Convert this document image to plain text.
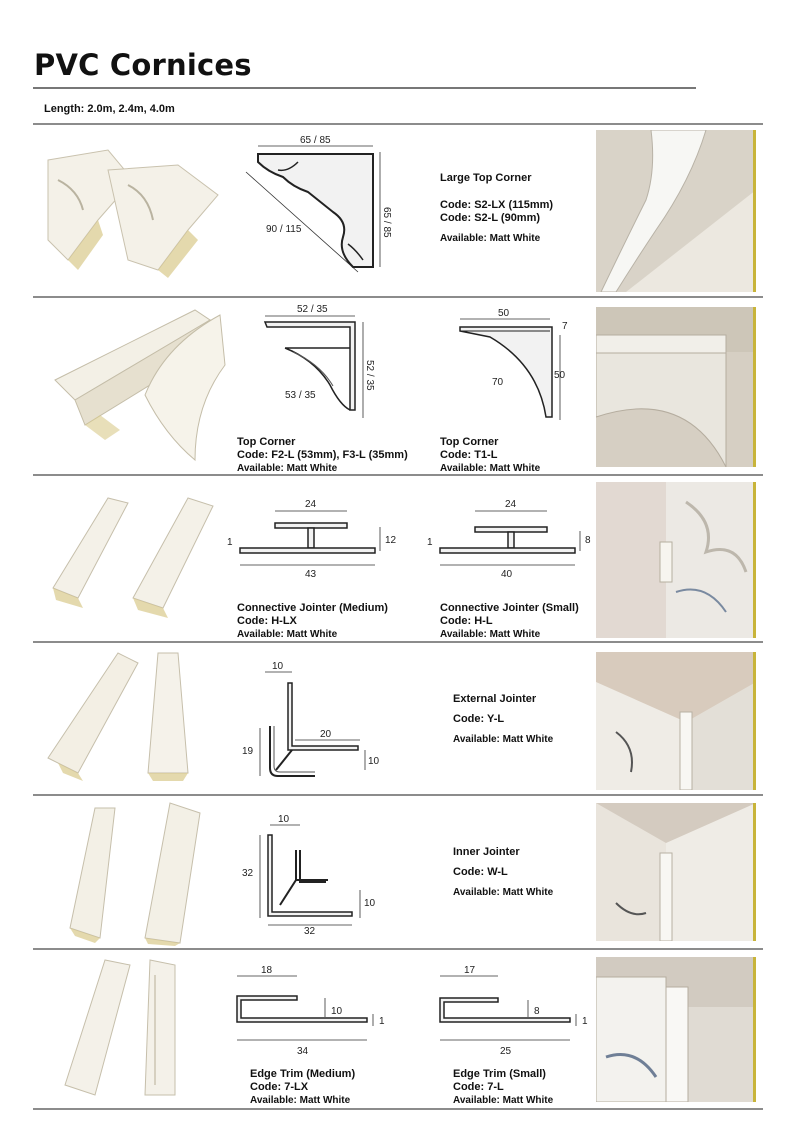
PVC Cornices
Length: 2.0m, 2.4m, 4.0m
65 / 85
65 / 85
90 / 115
Large Top Corner
Code: S2-LX (115mm)
Code: S2-L (90mm)
Available: Matt White
52 / 35
52 / 35
53 / 35
50
7
50
70
Top Corner
Code: F2-L (53mm), F3-L (35mm)
Available: Matt White
Top Corner
Code: T1-L
Available: Matt White
24
1	12
43
24
1	8
40
Connective Jointer (Medium)
Code: H-LX
Available: Matt White
Connective Jointer (Small)
Code: H-L
Available: Matt White
10
20
19
10
External Jointer
Code: Y-L
Available: Matt White
10
32
10
32
Inner Jointer
Code: W-L
Available: Matt White
18
10
1
34
17
8
1
25
Edge Trim (Medium)
Code: 7-LX
Available: Matt White
Edge Trim (Small)
Code: 7-L
Available: Matt White
